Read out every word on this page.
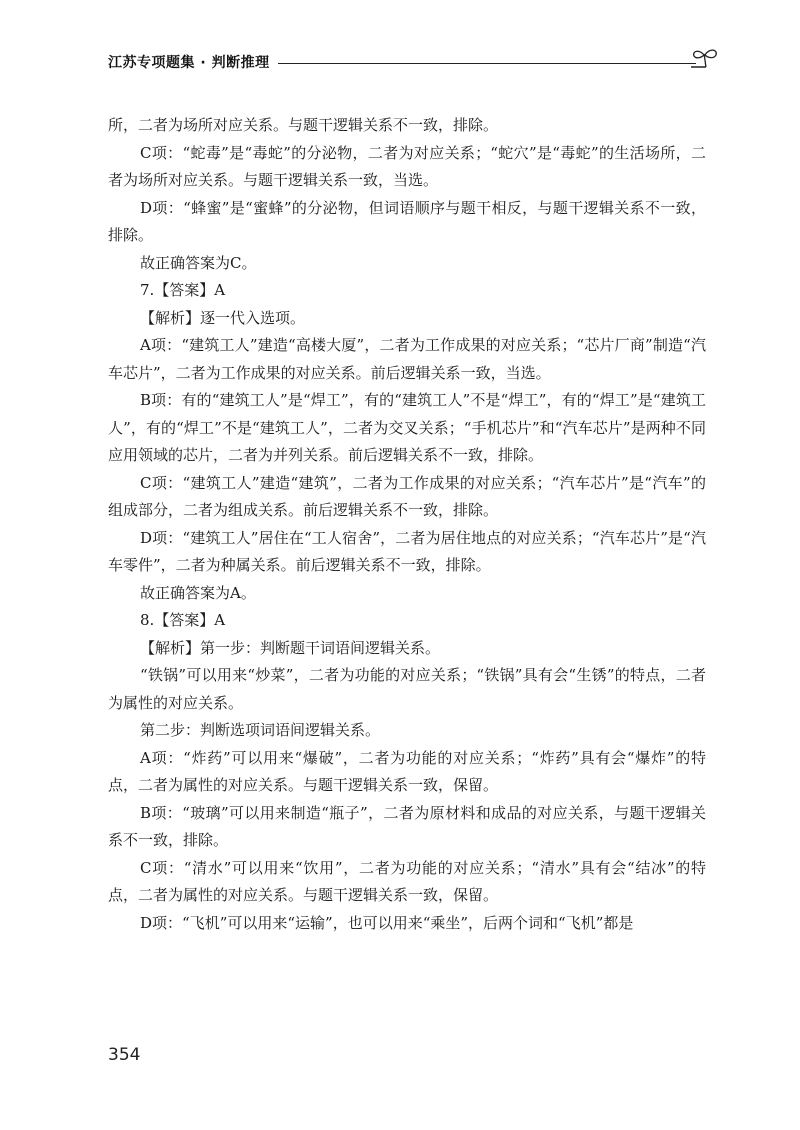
江苏专项题集 · 判断推理

所，二者为场所对应关系。与题干逻辑关系不一致，排除。

C项：“蛇毒”是“毒蛇”的分泌物，二者为对应关系；“蛇穴”是“毒蛇”的生活场所，二者为场所对应关系。与题干逻辑关系一致，当选。

D项：“蜂蜜”是“蜜蜂”的分泌物，但词语顺序与题干相反，与题干逻辑关系不一致，排除。

故正确答案为C。

7.【答案】A

【解析】逐一代入选项。

A项：“建筑工人”建造“高楼大厦”，二者为工作成果的对应关系；“芯片厂商”制造“汽车芯片”，二者为工作成果的对应关系。前后逻辑关系一致，当选。

B项：有的“建筑工人”是“焊工”，有的“建筑工人”不是“焊工”，有的“焊工”是“建筑工人”，有的“焊工”不是“建筑工人”，二者为交叉关系；“手机芯片”和“汽车芯片”是两种不同应用领域的芯片，二者为并列关系。前后逻辑关系不一致，排除。

C项：“建筑工人”建造“建筑”，二者为工作成果的对应关系；“汽车芯片”是“汽车”的组成部分，二者为组成关系。前后逻辑关系不一致，排除。

D项：“建筑工人”居住在“工人宿舍”，二者为居住地点的对应关系；“汽车芯片”是“汽车零件”，二者为种属关系。前后逻辑关系不一致，排除。

故正确答案为A。

8.【答案】A

【解析】第一步：判断题干词语间逻辑关系。

“铁锅”可以用来“炒菜”，二者为功能的对应关系；“铁锅”具有会“生锈”的特点，二者为属性的对应关系。

第二步：判断选项词语间逻辑关系。

A项：“炸药”可以用来“爆破”，二者为功能的对应关系；“炸药”具有会“爆炸”的特点，二者为属性的对应关系。与题干逻辑关系一致，保留。

B项：“玻璃”可以用来制造“瓶子”，二者为原材料和成品的对应关系，与题干逻辑关系不一致，排除。

C项：“清水”可以用来“饮用”，二者为功能的对应关系；“清水”具有会“结冰”的特点，二者为属性的对应关系。与题干逻辑关系一致，保留。

D项：“飞机”可以用来“运输”，也可以用来“乘坐”，后两个词和“飞机”都是

354
